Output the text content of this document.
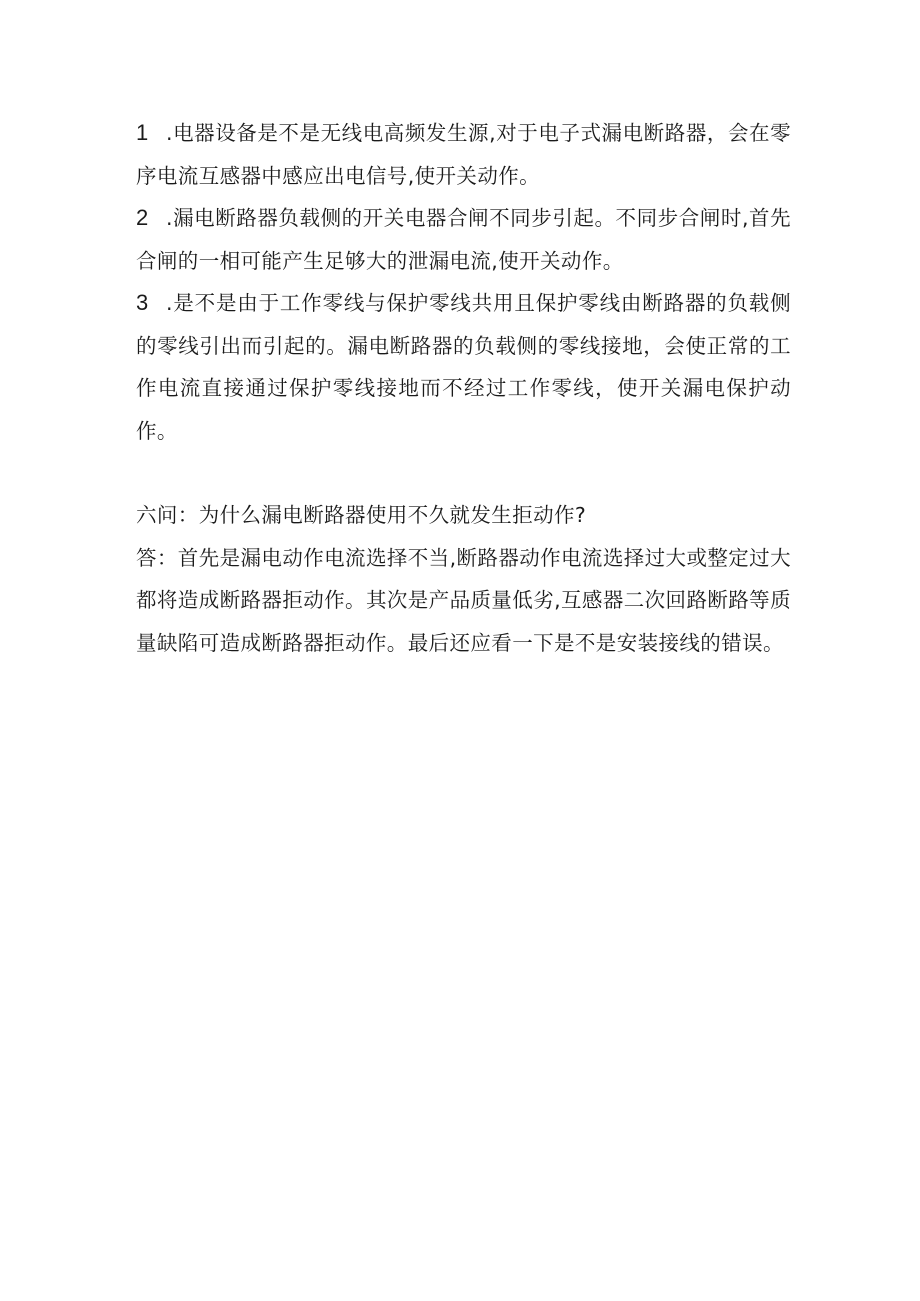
1 .电器设备是不是无线电高频发生源,对于电子式漏电断路器，会在零序电流互感器中感应出电信号,使开关动作。

2 .漏电断路器负载侧的开关电器合闸不同步引起。不同步合闸时,首先合闸的一相可能产生足够大的泄漏电流,使开关动作。

3 .是不是由于工作零线与保护零线共用且保护零线由断路器的负载侧的零线引出而引起的。漏电断路器的负载侧的零线接地，会使正常的工作电流直接通过保护零线接地而不经过工作零线，使开关漏电保护动作。

六问：为什么漏电断路器使用不久就发生拒动作?

答：首先是漏电动作电流选择不当,断路器动作电流选择过大或整定过大都将造成断路器拒动作。其次是产品质量低劣,互感器二次回路断路等质量缺陷可造成断路器拒动作。最后还应看一下是不是安装接线的错误。
